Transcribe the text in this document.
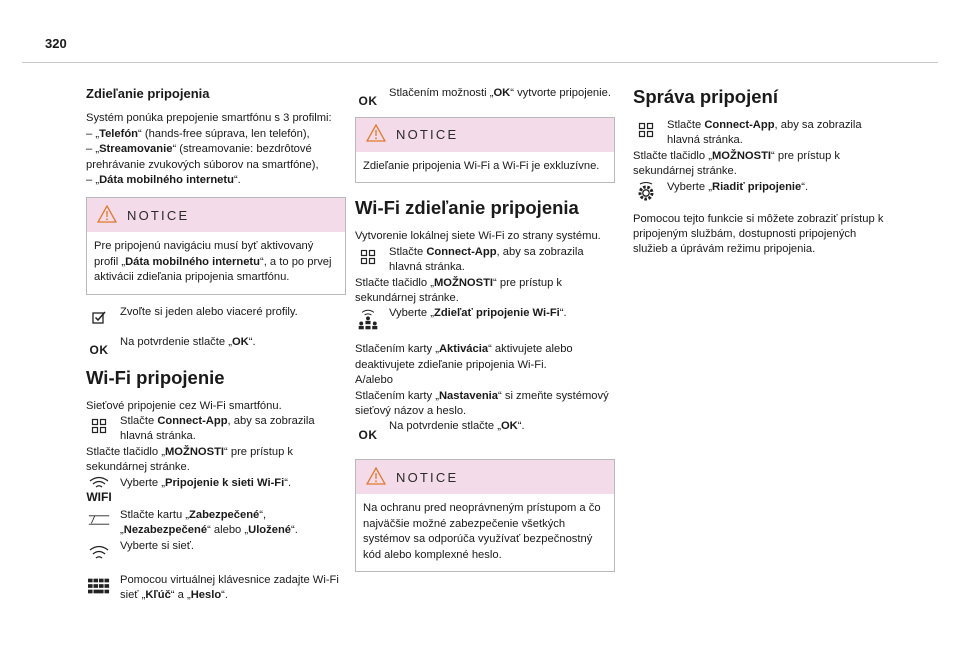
320
Zdieľanie pripojenia

Systém ponúka prepojenie smartfónu s 3 profilmi:

– „Telefón“ (hands-free súprava, len telefón),

– „Streamovanie“ (streamovanie: bezdrôtové prehrávanie zvukových súborov na smartfóne),

– „Dáta mobilného internetu“.

NOTICE
Pre pripojenú navigáciu musí byť aktivovaný profil „Dáta mobilného internetu“, a to po prvej aktivácii zdieľania pripojenia smartfónu.
Zvoľte si jeden alebo viaceré profily.
OK
Na potvrdenie stlačte „OK“.
Wi-Fi pripojenie

Sieťové pripojenie cez Wi-Fi smartfónu.

Stlačte Connect-App, aby sa zobrazila hlavná stránka.

Stlačte tlačidlo „MOŽNOSTI“ pre prístup k sekundárnej stránke.

WIFI
Vyberte „Pripojenie k sieti Wi-Fi“.
Stlačte kartu „Zabezpečené“, „Nezabezpečené“ alebo „Uložené“.
Vyberte si sieť.
Pomocou virtuálnej klávesnice zadajte Wi-Fi sieť „Kľúč“ a „Heslo“.
OK
Stlačením možnosti „OK“ vytvorte pripojenie.
NOTICE
Zdieľanie pripojenia Wi-Fi a Wi-Fi je exkluzívne.
Wi-Fi zdieľanie pripojenia

Vytvorenie lokálnej siete Wi-Fi zo strany systému.

Stlačte Connect-App, aby sa zobrazila hlavná stránka.

Stlačte tlačidlo „MOŽNOSTI“ pre prístup k sekundárnej stránke.

Vyberte „Zdieľať pripojenie Wi-Fi“.

Stlačením karty „Aktivácia“ aktivujete alebo deaktivujete zdieľanie pripojenia Wi-Fi.

A/alebo

Stlačením karty „Nastavenia“ si zmeňte systémový sieťový názov a heslo.

OK
Na potvrdenie stlačte „OK“.
NOTICE
Na ochranu pred neoprávneným prístupom a čo najväčšie možné zabezpečenie všetkých systémov sa odporúča využívať bezpečnostný kód alebo komplexné heslo.
Správa pripojení
Stlačte Connect-App, aby sa zobrazila hlavná stránka.

Stlačte tlačidlo „MOŽNOSTI“ pre prístup k sekundárnej stránke.

Vyberte „Riadiť pripojenie“.

Pomocou tejto funkcie si môžete zobraziť prístup k pripojeným službám, dostupnosti pripojených služieb a úprávám režimu pripojenia.
